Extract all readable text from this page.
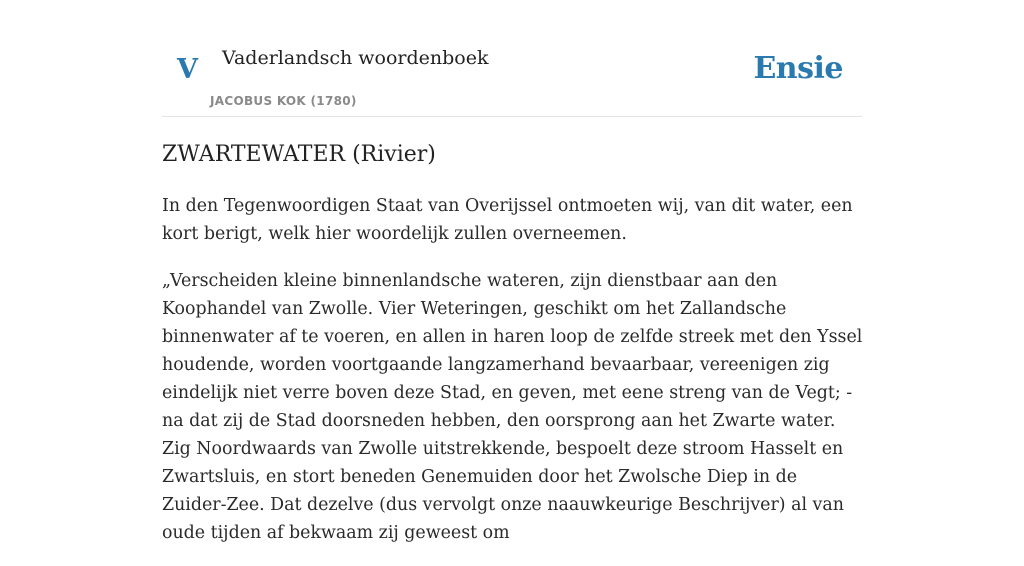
V Vaderlandsch woordenboek
JACOBUS KOK (1780)
Ensie
ZWARTEWATER (Rivier)

In den Tegenwoordigen Staat van Overijssel ontmoeten wij, van dit water, een kort berigt, welk hier woordelijk zullen overneemen.

„Verscheiden kleine binnenlandsche wateren, zijn dienstbaar aan den Koophandel van Zwolle. Vier Weteringen, geschikt om het Zallandsche binnenwater af te voeren, en allen in haren loop de zelfde streek met den Yssel houdende, worden voortgaande langzamerhand bevaarbaar, vereenigen zig eindelijk niet verre boven deze Stad, en geven, met eene streng van de Vegt; - na dat zij de Stad doorsneden hebben, den oorsprong aan het Zwarte water. Zig Noordwaards van Zwolle uitstrekkende, bespoelt deze stroom Hasselt en Zwartsluis, en stort beneden Genemuiden door het Zwolsche Diep in de Zuider-Zee. Dat dezelve (dus vervolgt onze naauwkeurige Beschrijver) al van oude tijden af bekwaam zij geweest om
